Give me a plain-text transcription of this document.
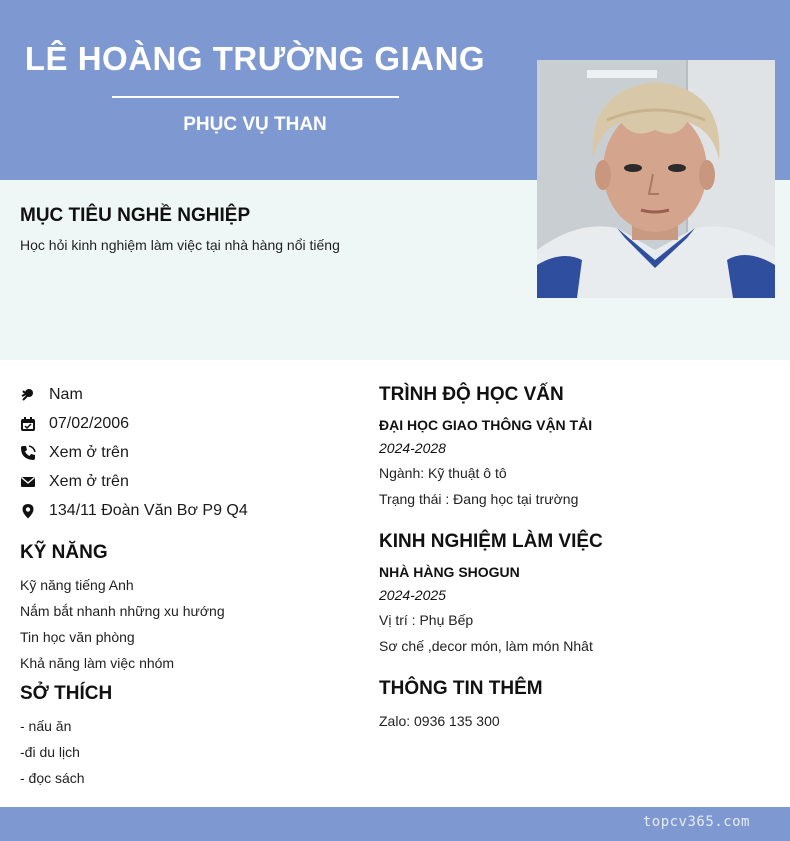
LÊ HOÀNG TRƯỜNG GIANG
PHỤC VỤ THAN
MỤC TIÊU NGHỀ NGHIỆP
Học hỏi kinh nghiệm làm việc tại nhà hàng nổi tiếng
Nam
07/02/2006
Xem ở trên
Xem ở trên
134/11 Đoàn Văn Bơ P9 Q4
KỸ NĂNG
Kỹ năng tiếng Anh
Nắm bắt nhanh những xu hướng
Tin học văn phòng
Khả năng làm việc nhóm
SỞ THÍCH
- nấu ăn
-đi du lịch
- đọc sách
TRÌNH ĐỘ HỌC VẤN
ĐẠI HỌC GIAO THÔNG VẬN TẢI
2024-2028
Ngành: Kỹ thuật ô tô
Trạng thái : Đang học tại trường
KINH NGHIỆM LÀM VIỆC
NHÀ HÀNG SHOGUN
2024-2025
Vị trí : Phụ Bếp
Sơ chế ,decor món, làm món Nhât
THÔNG TIN THÊM
Zalo: 0936 135 300
topcv365.com
